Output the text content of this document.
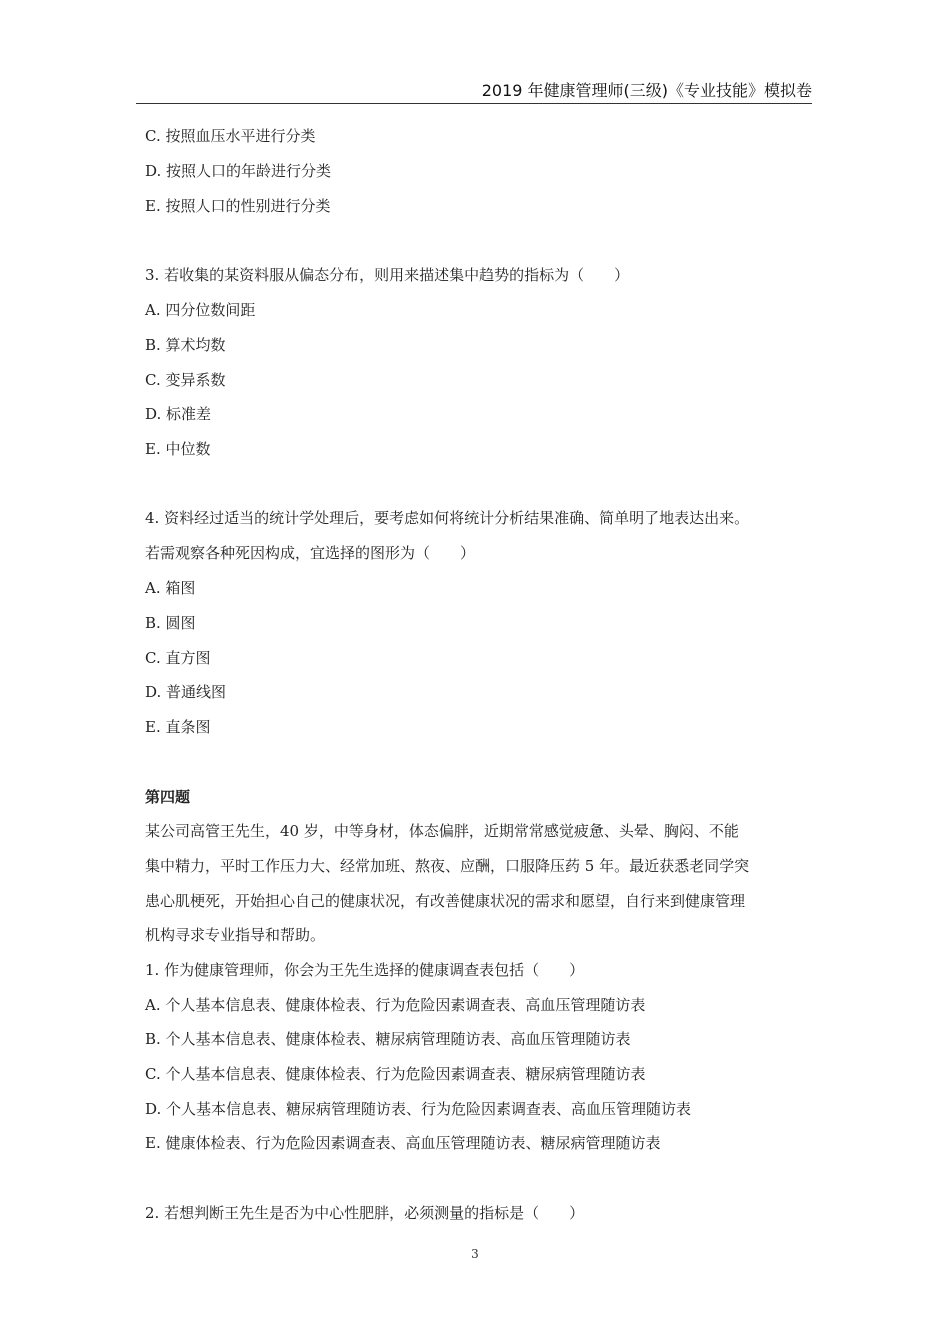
2019 年健康管理师(三级)《专业技能》模拟卷
C. 按照血压水平进行分类
D. 按照人口的年龄进行分类
E. 按照人口的性别进行分类
3. 若收集的某资料服从偏态分布，则用来描述集中趋势的指标为（　　）
A. 四分位数间距
B. 算术均数
C. 变异系数
D. 标准差
E. 中位数
4. 资料经过适当的统计学处理后，要考虑如何将统计分析结果准确、简单明了地表达出来。
若需观察各种死因构成，宜选择的图形为（　　）
A. 箱图
B. 圆图
C. 直方图
D. 普通线图
E. 直条图
第四题
某公司高管王先生，40 岁，中等身材，体态偏胖，近期常常感觉疲惫、头晕、胸闷、不能
集中精力，平时工作压力大、经常加班、熬夜、应酬，口服降压药 5 年。最近获悉老同学突
患心肌梗死，开始担心自己的健康状况，有改善健康状况的需求和愿望，自行来到健康管理
机构寻求专业指导和帮助。
1. 作为健康管理师，你会为王先生选择的健康调查表包括（　　）
A. 个人基本信息表、健康体检表、行为危险因素调查表、高血压管理随访表
B. 个人基本信息表、健康体检表、糖尿病管理随访表、高血压管理随访表
C. 个人基本信息表、健康体检表、行为危险因素调查表、糖尿病管理随访表
D. 个人基本信息表、糖尿病管理随访表、行为危险因素调查表、高血压管理随访表
E. 健康体检表、行为危险因素调查表、高血压管理随访表、糖尿病管理随访表
2. 若想判断王先生是否为中心性肥胖，必须测量的指标是（　　）
3
